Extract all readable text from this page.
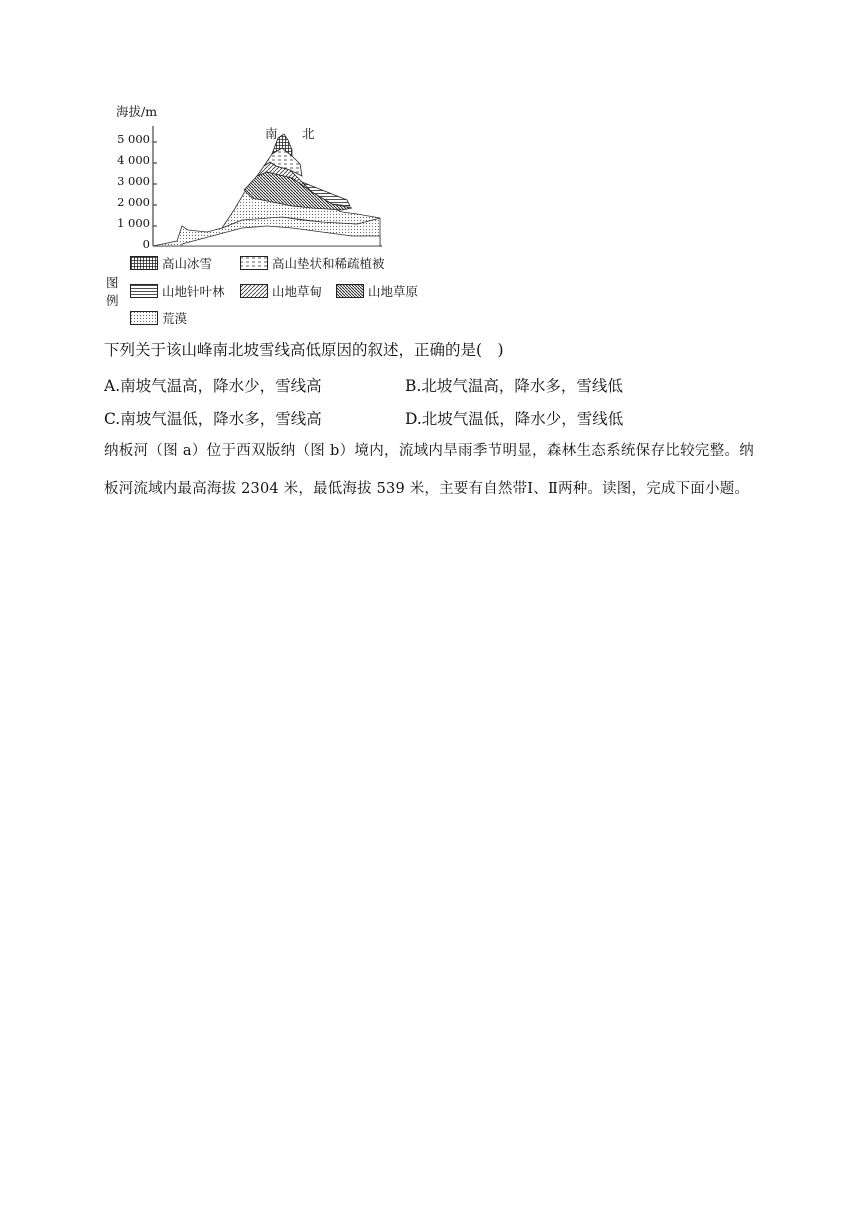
海拔/m
5 000
4 000
3 000
2 000
1 000
0
南 北
图例
高山冰雪	高山垫状和稀疏植被
山地针叶林	山地草甸	山地草原
荒漠
下列关于该山峰南北坡雪线高低原因的叙述，正确的是(　)
A.南坡气温高，降水少，雪线高	B.北坡气温高，降水多，雪线低
C.南坡气温低，降水多，雪线高	D.北坡气温低，降水少，雪线低
纳板河（图 a）位于西双版纳（图 b）境内，流域内旱雨季节明显，森林生态系统保存比较完整。纳板河流域内最高海拔 2304 米，最低海拔 539 米，主要有自然带Ⅰ、Ⅱ两种。读图，完成下面小题。
